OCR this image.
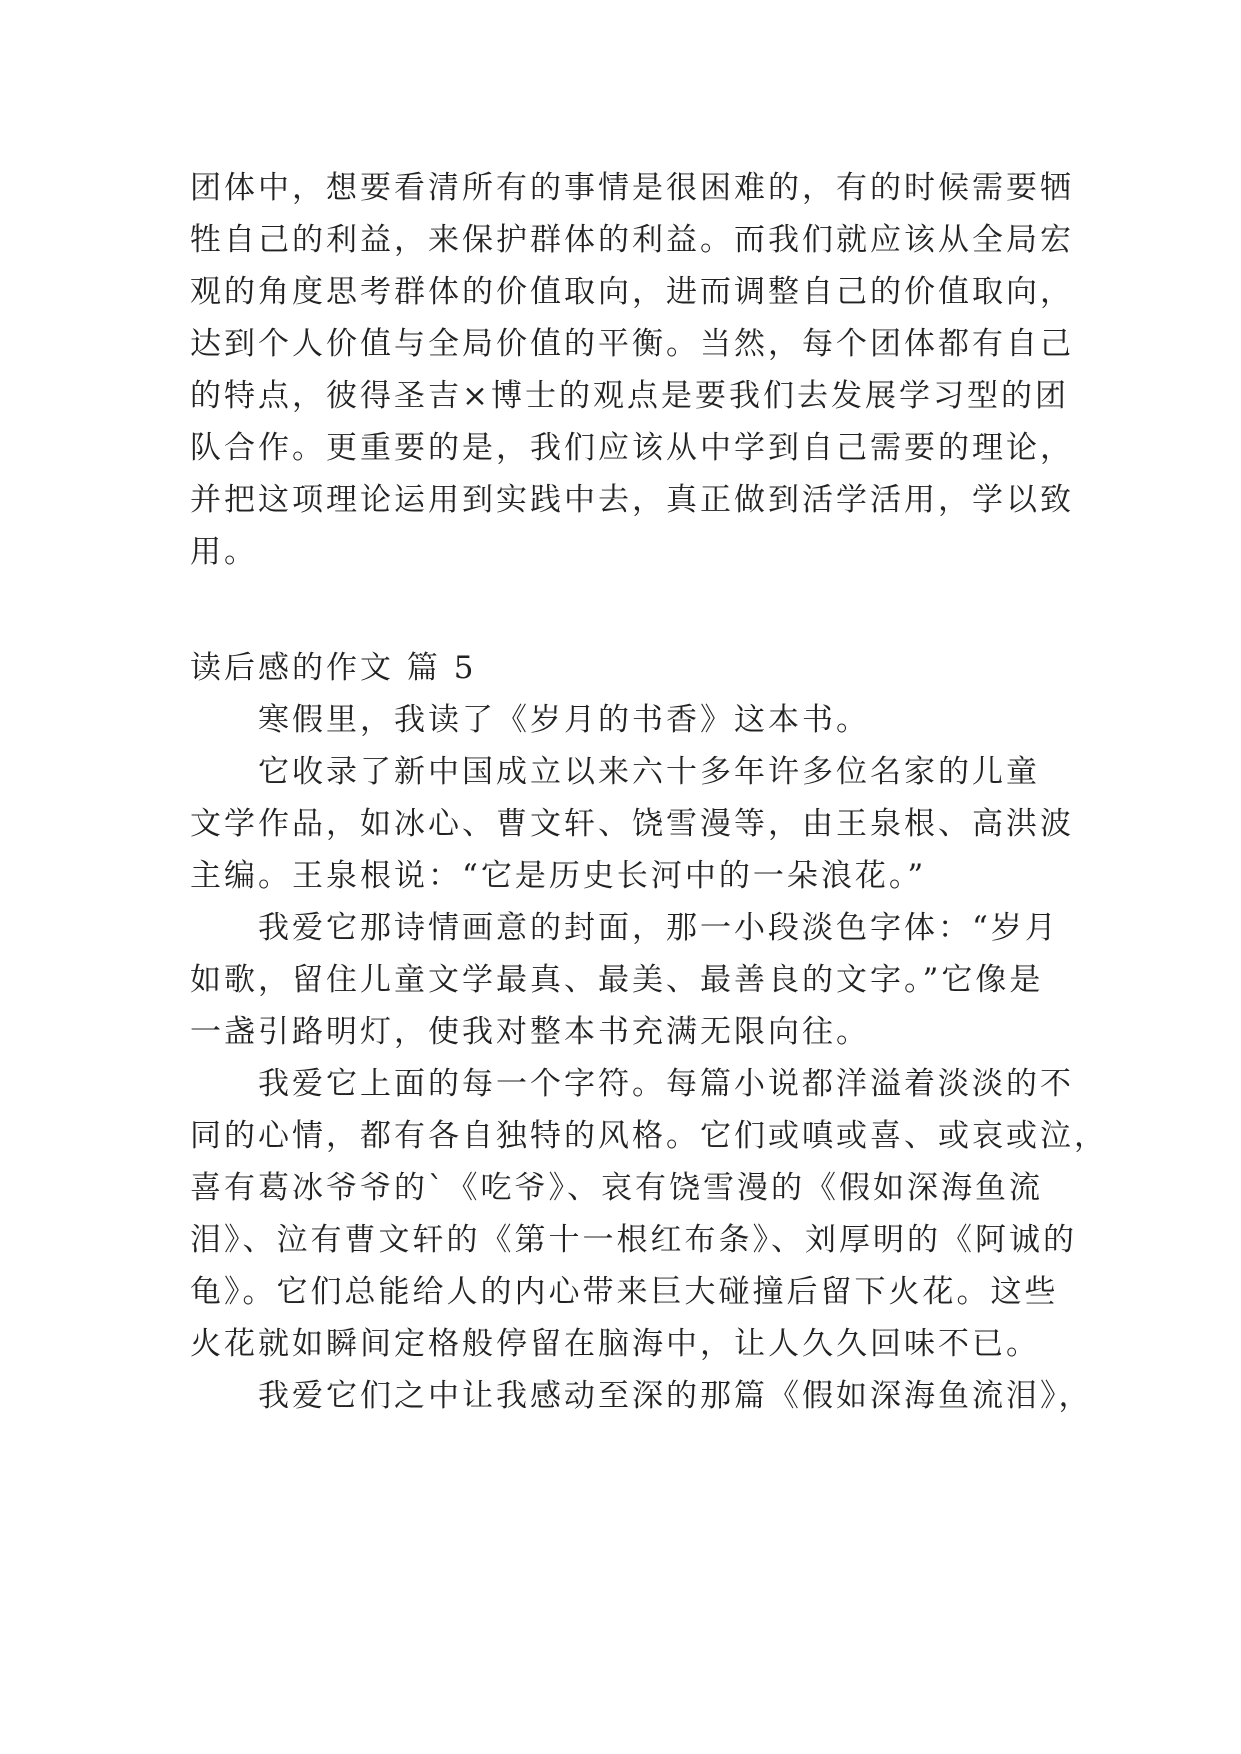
团体中，想要看清所有的事情是很困难的，有的时候需要牺
牲自己的利益，来保护群体的利益。而我们就应该从全局宏
观的角度思考群体的价值取向，进而调整自己的价值取向，
达到个人价值与全局价值的平衡。当然，每个团体都有自己
的特点，彼得圣吉×博士的观点是要我们去发展学习型的团
队合作。更重要的是，我们应该从中学到自己需要的理论，
并把这项理论运用到实践中去，真正做到活学活用，学以致
用。
读后感的作文 篇 5
寒假里，我读了《岁月的书香》这本书。
它收录了新中国成立以来六十多年许多位名家的儿童
文学作品，如冰心、曹文轩、饶雪漫等，由王泉根、高洪波
主编。王泉根说：“它是历史长河中的一朵浪花。”
我爱它那诗情画意的封面，那一小段淡色字体：“岁月
如歌，留住儿童文学最真、最美、最善良的文字。”它像是
一盏引路明灯，使我对整本书充满无限向往。
我爱它上面的每一个字符。每篇小说都洋溢着淡淡的不
同的心情，都有各自独特的风格。它们或嗔或喜、或哀或泣，
喜有葛冰爷爷的`《吃爷》、哀有饶雪漫的《假如深海鱼流
泪》、泣有曹文轩的《第十一根红布条》、刘厚明的《阿诚的
龟》。它们总能给人的内心带来巨大碰撞后留下火花。这些
火花就如瞬间定格般停留在脑海中，让人久久回味不已。
我爱它们之中让我感动至深的那篇《假如深海鱼流泪》，
